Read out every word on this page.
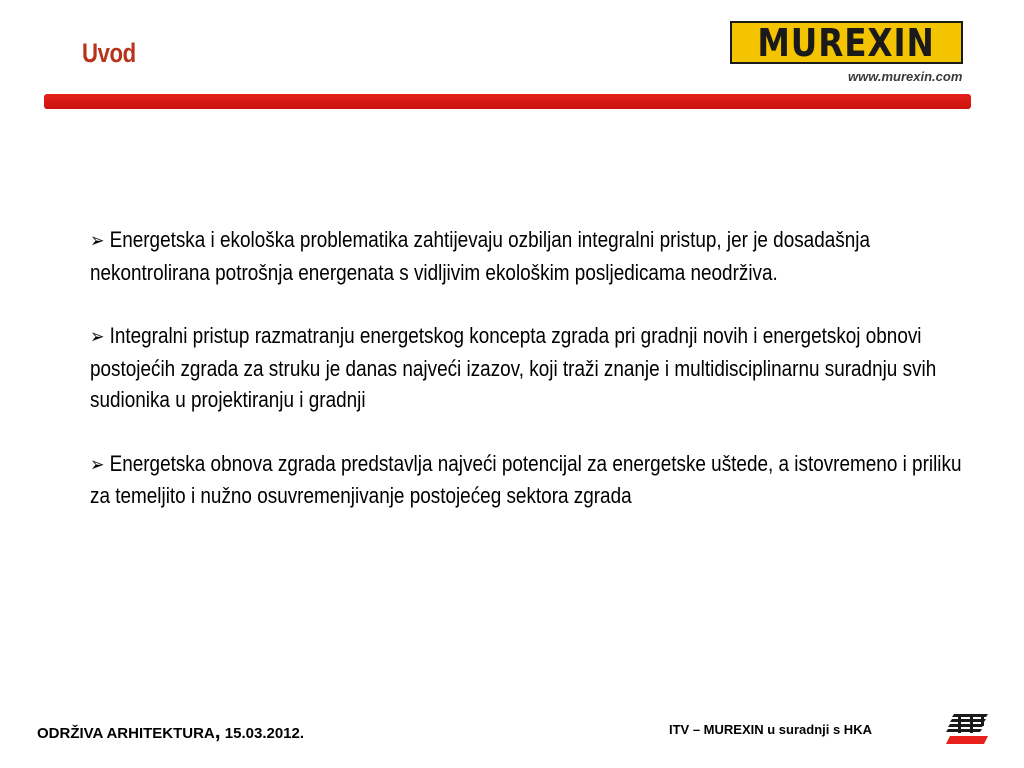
Uvod	MUREXIN
www.murexin.com

➢ Energetska i ekološka problematika zahtijevaju ozbiljan integralni pristup, jer je dosadašnja nekontrolirana potrošnja energenata s vidljivim ekološkim posljedicama neodrživa.

➢ Integralni pristup razmatranju energetskog koncepta zgrada pri gradnji novih i energetskoj obnovi postojećih zgrada za struku je danas najveći izazov, koji traži znanje i multidisciplinarnu suradnju svih sudionika u projektiranju i gradnji

➢ Energetska obnova zgrada predstavlja najveći potencijal za energetske uštede, a istovremeno i priliku za temeljito i nužno osuvremenjivanje postojećeg sektora zgrada

ODRŽIVA ARHITEKTURA, 15.03.2012.	ITV – MUREXIN u suradnji s HKA
